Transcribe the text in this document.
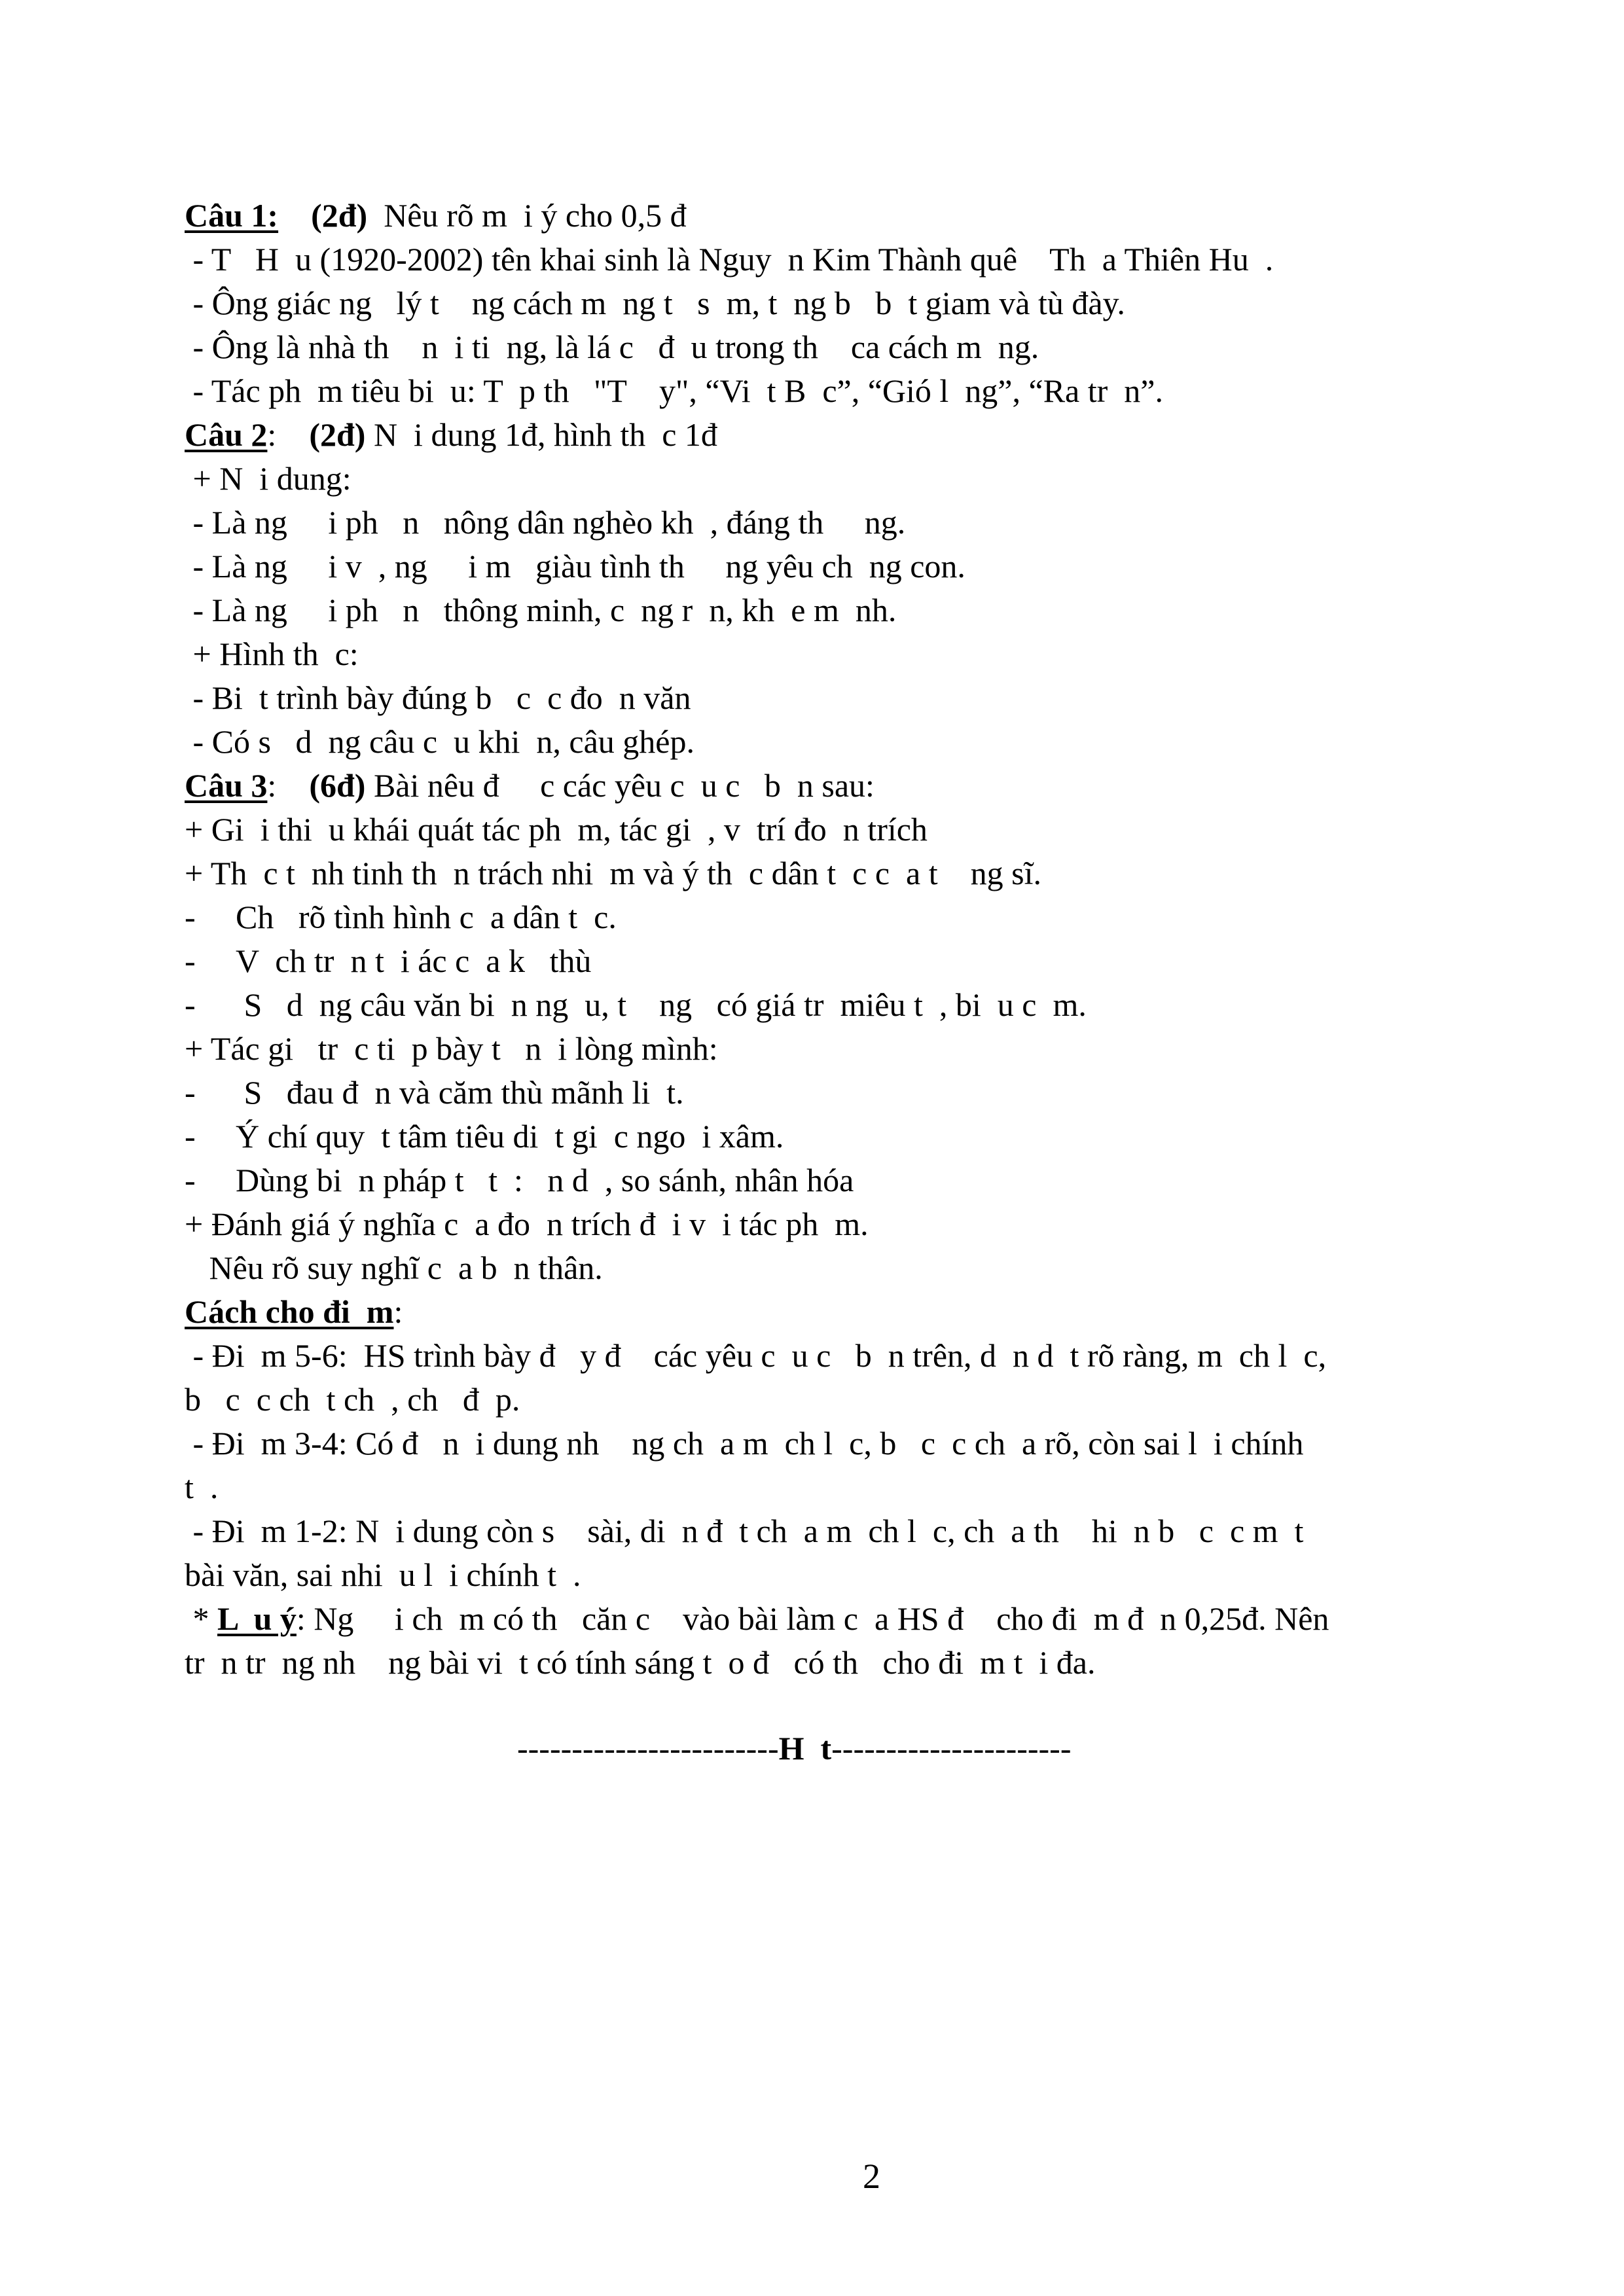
Câu 1: (2đ) Nêu rõ m  i ý cho 0,5 đ
- T   H  u (1920-2002) tên khai sinh là Nguy  n Kim Thành quê    Th  a Thiên Hu  .
- Ông giác ng   lý t    ng cách m  ng t   s  m, t  ng b   b  t giam và tù đày.
- Ông là nhà th    n  i ti  ng, là lá c   đ  u trong th    ca cách m  ng.
- Tác ph  m tiêu bi  u: T  p th   "T    y", “Vi  t B  c”, “Gió l  ng”, “Ra tr  n”.
Câu 2: (2đ) N  i dung 1đ, hình th  c 1đ
+ N  i dung:
- Là ng     i ph   n   nông dân nghèo kh  , đáng th     ng.
- Là ng     i v  , ng     i m   giàu tình th     ng yêu ch  ng con.
- Là ng     i ph   n   thông minh, c  ng r  n, kh  e m  nh.
+ Hình th  c:
- Bi  t trình bày đúng b   c  c đo  n văn
- Có s   d  ng câu c  u khi  n, câu ghép.
Câu 3: (6đ) Bài nêu đ     c các yêu c  u c   b  n sau:
+ Gi  i thi  u khái quát tác ph  m, tác gi  , v  trí đo  n trích
+ Th  c t  nh tinh th  n trách nhi  m và ý th  c dân t  c c  a t    ng sĩ.
- Ch   rõ tình hình c  a dân t  c.
- V  ch tr  n t  i ác c  a k   thù
- S   d  ng câu văn bi  n ng  u, t    ng   có giá tr  miêu t  , bi  u c  m.
+ Tác gi   tr  c ti  p bày t   n  i lòng mình:
- S   đau đ  n và căm thù mãnh li  t.
- Ý chí quy  t tâm tiêu di  t gi  c ngo  i xâm.
- Dùng bi  n pháp t   t  :   n d  , so sánh, nhân hóa
+ Đánh giá ý nghĩa c  a đo  n trích đ  i v  i tác ph  m.
Nêu rõ suy nghĩ c  a b  n thân.
Cách cho đi  m:
- Đi  m 5-6:  HS trình bày đ   y đ    các yêu c  u c   b  n trên, d  n d  t rõ ràng, m  ch l  c,
b   c  c ch  t ch  , ch   đ  p.
- Đi  m 3-4: Có đ   n  i dung nh    ng ch  a m  ch l  c, b   c  c ch  a rõ, còn sai l  i chính
t  .
- Đi  m 1-2: N  i dung còn s    sài, di  n đ  t ch  a m  ch l  c, ch  a th    hi  n b   c  c m  t
bài văn, sai nhi  u l  i chính t  .
* L  u ý: Ng     i ch  m có th   căn c    vào bài làm c  a HS đ    cho đi  m đ  n 0,25đ. Nên
tr  n tr  ng nh    ng bài vi  t có tính sáng t  o đ   có th   cho đi  m t  i đa.
------------------------H  t----------------------
2
